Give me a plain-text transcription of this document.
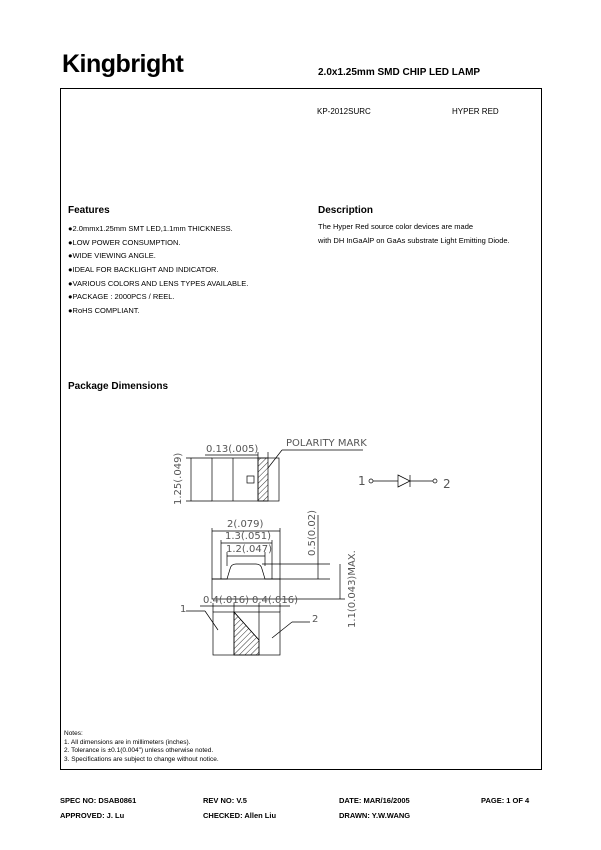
Kingbright	2.0x1.25mm SMD CHIP LED LAMP
KP-2012SURC	HYPER RED
Features
●2.0mmx1.25mm SMT LED,1.1mm THICKNESS.
●LOW POWER CONSUMPTION.
●WIDE VIEWING ANGLE.
●IDEAL FOR BACKLIGHT AND INDICATOR.
●VARIOUS COLORS AND LENS TYPES AVAILABLE.
●PACKAGE : 2000PCS / REEL.
●RoHS COMPLIANT.
Description
The Hyper Red source color devices are made
with DH InGaAlP on GaAs substrate Light Emitting Diode.
Package Dimensions
0.13(.005)
POLARITY MARK
1.25(.049)
2(.079)
1.3(.051)
1.2(.047)	0.5(0.02)
1.1(0.043)MAX.
0.4(.016) 0.4(.016)
1
2
1	2
Notes:
1. All dimensions are in millimeters (inches).
2. Tolerance is ±0.1(0.004") unless otherwise noted.
3. Specifications are subject to change without notice.
SPEC NO: DSAB0861	REV NO: V.5	DATE: MAR/16/2005	PAGE: 1 OF 4
APPROVED: J. Lu	CHECKED: Allen Liu	DRAWN: Y.W.WANG
